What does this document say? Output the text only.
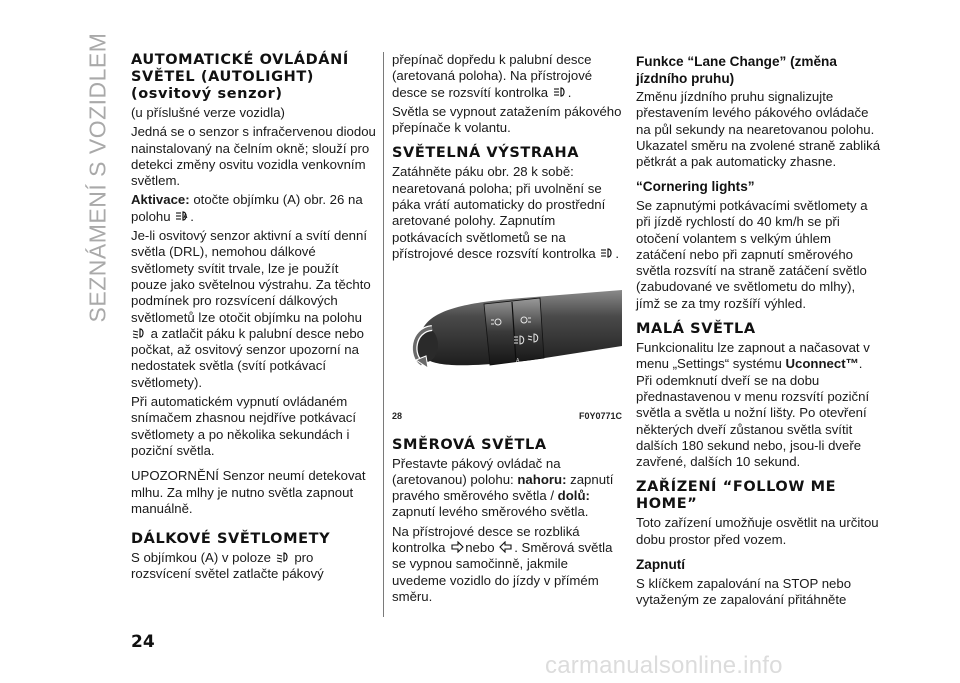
SEZNÁMENÍ S VOZIDLEM AUTOMATICKÉ OVLÁDÁNÍ SVĚTEL (AUTOLIGHT) (osvitový senzor)
(u příslušné verze vozidla)
Jedná se o senzor s infračervenou diodou nainstalovaný na čelním okně; slouží pro detekci změny osvitu vozidla venkovním světlem.
Aktivace: otočte objímku (A) obr. 26 na polohu A .
Je-li osvitový senzor aktivní a svítí denní světla (DRL), nemohou dálkové světlomety svítit trvale, lze je použít pouze jako světelnou výstrahu. Za těchto podmínek pro rozsvícení dálkových světlometů lze otočit objímku na polohu
a zatlačit páku k palubní desce nebo počkat, až osvitový senzor upozorní na nedostatek světla (svítí potkávací světlomety).
Při automatickém vypnutí ovládaném snímačem zhasnou nejdříve potkávací světlomety a po několika sekundách i poziční světla.
UPOZORNĚNÍ Senzor neumí detekovat mlhu. Za mlhy je nutno světla zapnout manuálně.
DÁLKOVÉ SVĚTLOMETY
S objímkou (A) v poloze
pro rozsvícení světel zatlačte pákový
přepínač dopředu k palubní desce (aretovaná poloha). Na přístrojové desce se rozsvítí kontrolka
.
Světla se vypnout zatažením pákového přepínače k volantu.
SVĚTELNÁ VÝSTRAHA
Zatáhněte páku obr. 28 k sobě: nearetovaná poloha; při uvolnění se páka vrátí automaticky do prostřední aretované polohy. Zapnutím potkávacích světlometů se na přístrojové desce rozsvítí kontrolka
.
A
28	F0Y0771C
SMĚROVÁ SVĚTLA
Přestavte pákový ovládač na (aretovanou) polohu: nahoru: zapnutí pravého směrového světla / dolů: zapnutí levého směrového světla.
Na přístrojové desce se rozbliká kontrolka
nebo
. Směrová světla se vypnou samočinně, jakmile uvedeme vozidlo do jízdy v přímém směru.
Funkce “Lane Change” (změna jízdního pruhu)
Změnu jízdního pruhu signalizujte přestavením levého pákového ovládače na půl sekundy na nearetovanou polohu. Ukazatel směru na zvolené straně zabliká pětkrát a pak automaticky zhasne.
“Cornering lights”
Se zapnutými potkávacími světlomety a při jízdě rychlostí do 40 km/h se při otočení volantem s velkým úhlem zatáčení nebo při zapnutí směrového světla rozsvítí na straně zatáčení světlo (zabudované ve světlometu do mlhy), jímž se za tmy rozšíří výhled.
MALÁ SVĚTLA
Funkcionalitu lze zapnout a načasovat v menu „Settings“ systému Uconnect™. Při odemknutí dveří se na dobu přednastavenou v menu rozsvítí poziční světla a světla u nožní lišty. Po otevření některých dveří zůstanou světla svítit dalších 180 sekund nebo, jsou-li dveře zavřené, dalších 10 sekund.
ZAŘÍZENÍ “FOLLOW ME HOME”
Toto zařízení umožňuje osvětlit na určitou dobu prostor před vozem.
Zapnutí
S klíčkem zapalování na STOP nebo vytaženým ze zapalování přitáhněte
24
carmanualsonline.info
